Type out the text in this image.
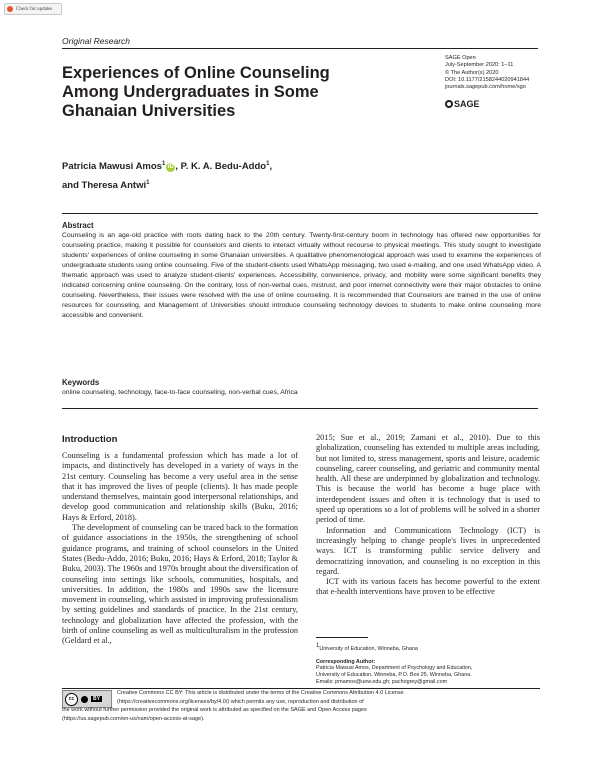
Check for updates
Original Research
Experiences of Online Counseling Among Undergraduates in Some Ghanaian Universities
SAGE Open
July-September 2020: 1–11
© The Author(s) 2020
DOI: 10.1177/2158244020941844
journals.sagepub.com/home/sgo
SAGE
Patricia Mawusi Amos$^1$iD , P. K. A. Bedu-Addo$^1$,
and Theresa Antwi$^1$
Abstract
Counseling is an age-old practice with roots dating back to the 20th century. Twenty-first-century boom in technology has offered new opportunities for counseling practice, making it possible for counselors and clients to interact virtually without recourse to physical meetings. This study sought to investigate students' experiences of online counseling in some Ghanaian universities. A qualitative phenomenological approach was used to examine the experiences of undergraduate students using online counseling. Five of the student-clients used WhatsApp messaging, two used e-mailing, and one used WhatsApp video. A thematic approach was used to analyze student-clients' experiences. Accessibility, convenience, privacy, and mobility were some significant benefits they indicated concerning online counseling. On the contrary, loss of non-verbal cues, mistrust, and poor internet connectivity were their major obstacles to online counseling. Nevertheless, their issues were resolved with the use of online counseling. It is recommended that Counselors are trained in the use of online resources for counseling, and Management of Universities should introduce counseling technology devices to students to make online counseling more accessible and convenient.
Keywords
online counseling, technology, face-to-face counseling, non-verbal cues, Africa
Introduction

Counseling is a fundamental profession which has made a lot of impacts, and distinctively has developed in a variety of ways in the 21st century. Counseling has become a very useful area in the sense that it has improved the lives of people (clients). It has made people understand themselves, maintain good interpersonal relationships, and develop good communication and relationship skills (Buku, 2016; Hays & Erford, 2018).

The development of counseling can be traced back to the formation of guidance associations in the 1950s, the strengthening of school guidance programs, and training of school counselors in the United States (Bedu-Addo, 2016; Buku, 2016; Hays & Erford, 2018; Taylor & Buku, 2003). The 1960s and 1970s brought about the diversification of counseling into settings like schools, communities, hospitals, and universities. In addition, the 1980s and 1990s saw the licensure movement in counseling, which assisted in improving professionalism by setting guidelines and standards of practice. In the 21st century, technology and globalization have affected the profession, with the birth of online counseling as well as multiculturalism in the profession (Geldard et al.,

2015; Sue et al., 2019; Zamani et al., 2010). Due to this globalization, counseling has extended to multiple areas including, but not limited to, stress management, sports and leisure, academic counseling, career counseling, and geriatric and community mental health. All these are underpinned by globalization and technology. This is because the world has become a huge place with interdependent issues and often it is technology that is used to speed up operations so a lot of problems will be solved in a shorter period of time.

Information and Communications Technology (ICT) is increasingly helping to change people's lives in unprecedented ways. ICT is transforming public service delivery and democratizing innovation, and counseling is no exception in this regard.

ICT with its various facets has become powerful to the extent that e-health interventions have proven to be effective

$^1$University of Education, Winneba, Ghana
Corresponding Author:
Patricia Mawusi Amos, Department of Psychology and Education,
University of Education, Winneba, P.O. Box 25, Winneba, Ghana.
Emails: pmamos@uew.edu.gh; pachogrey@gmail.com
cc	BY
Creative Commons CC BY: This article is distributed under the terms of the Creative Commons Attribution 4.0 License
(https://creativecommons.org/licenses/by/4.0/) which permits any use, reproduction and distribution of
the work without further permission provided the original work is attributed as specified on the SAGE and Open Access pages
(https://us.sagepub.com/en-us/nam/open-access-at-sage).
